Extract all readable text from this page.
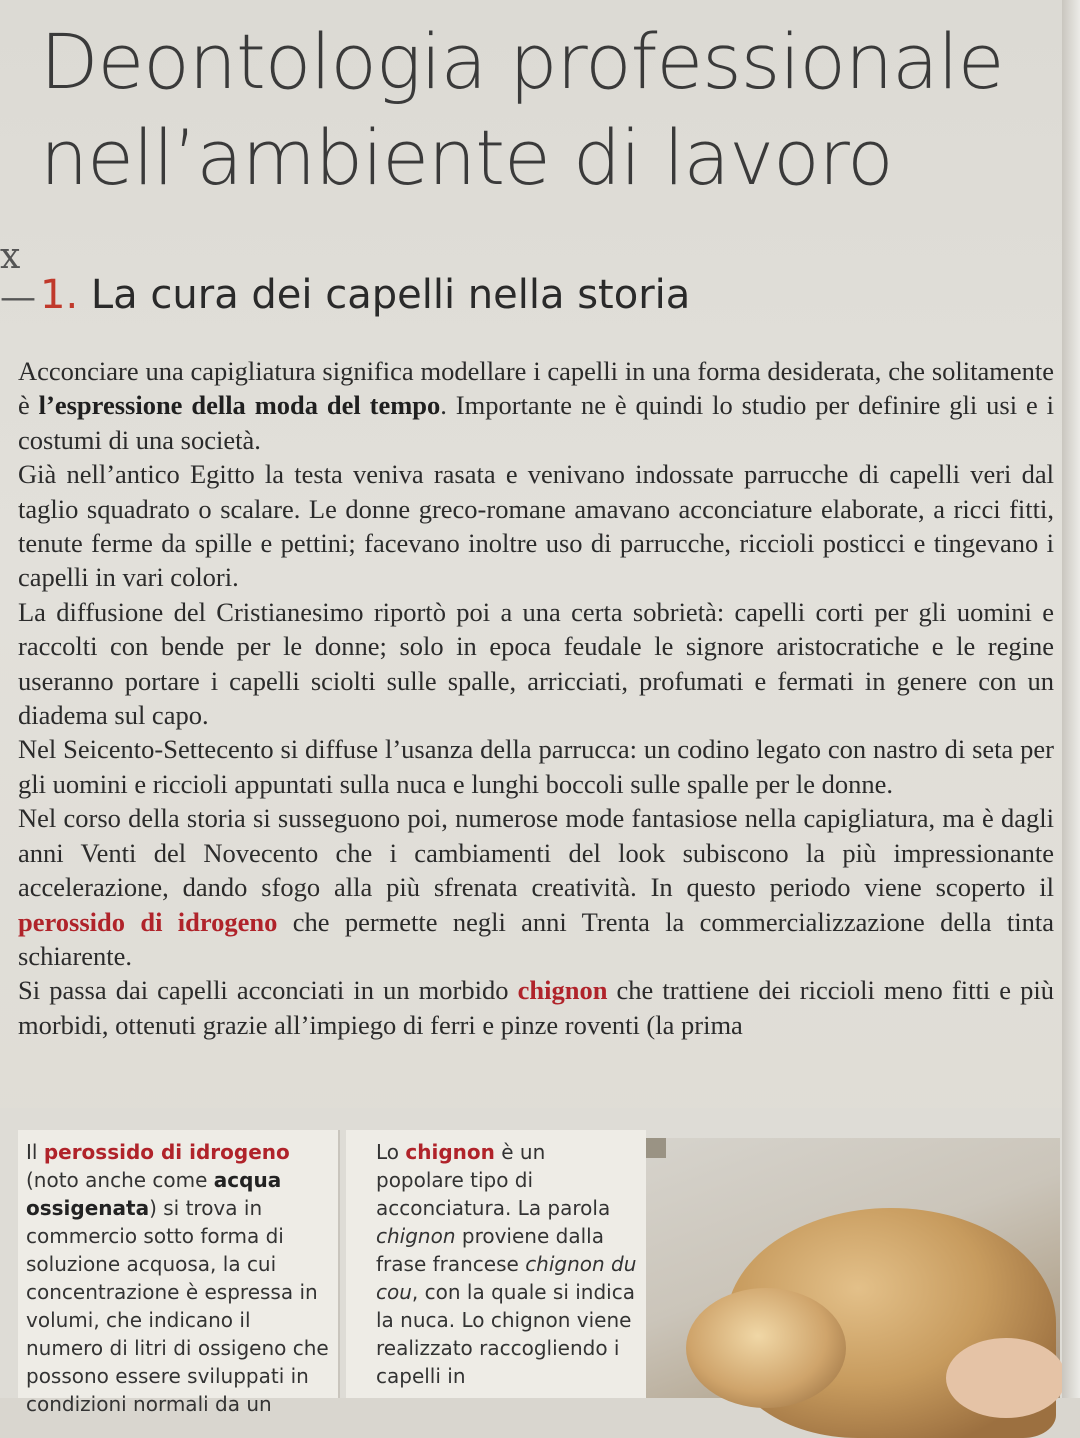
Deontologia professionale
nell’ambiente di lavoro
x— 1. La cura dei capelli nella storia

Acconciare una capigliatura significa modellare i capelli in una forma desiderata, che solitamente è l’espressione della moda del tempo. Importante ne è quindi lo studio per definire gli usi e i costumi di una società.

Già nell’antico Egitto la testa veniva rasata e venivano indossate parrucche di capelli veri dal taglio squadrato o scalare. Le donne greco-romane amavano acconciature elaborate, a ricci fitti, tenute ferme da spille e pettini; facevano inoltre uso di parrucche, riccioli posticci e tingevano i capelli in vari colori.

La diffusione del Cristianesimo riportò poi a una certa sobrietà: capelli corti per gli uomini e raccolti con bende per le donne; solo in epoca feudale le signore aristocratiche e le regine useranno portare i capelli sciolti sulle spalle, arricciati, profumati e fermati in genere con un diadema sul capo.

Nel Seicento-Settecento si diffuse l’usanza della parrucca: un codino legato con nastro di seta per gli uomini e riccioli appuntati sulla nuca e lunghi boccoli sulle spalle per le donne.

Nel corso della storia si susseguono poi, numerose mode fantasiose nella capigliatura, ma è dagli anni Venti del Novecento che i cambiamenti del look subiscono la più impressionante accelerazione, dando sfogo alla più sfrenata creatività. In questo periodo viene scoperto il perossido di idrogeno che permette negli anni Trenta la commercializzazione della tinta schiarente.

Si passa dai capelli acconciati in un morbido chignon che trattiene dei riccioli meno fitti e più morbidi, ottenuti grazie all’impiego di ferri e pinze roventi (la prima

Il perossido di idrogeno (noto anche come acqua ossigenata) si trova in commercio sotto forma di soluzione acquosa, la cui concentrazione è espressa in volumi, che indicano il numero di litri di ossigeno che possono essere sviluppati in condizioni normali da un

Lo chignon è un popolare tipo di acconciatura. La parola chignon proviene dalla frase francese chignon du cou, con la quale si indica la nuca. Lo chignon viene realizzato raccogliendo i capelli in
